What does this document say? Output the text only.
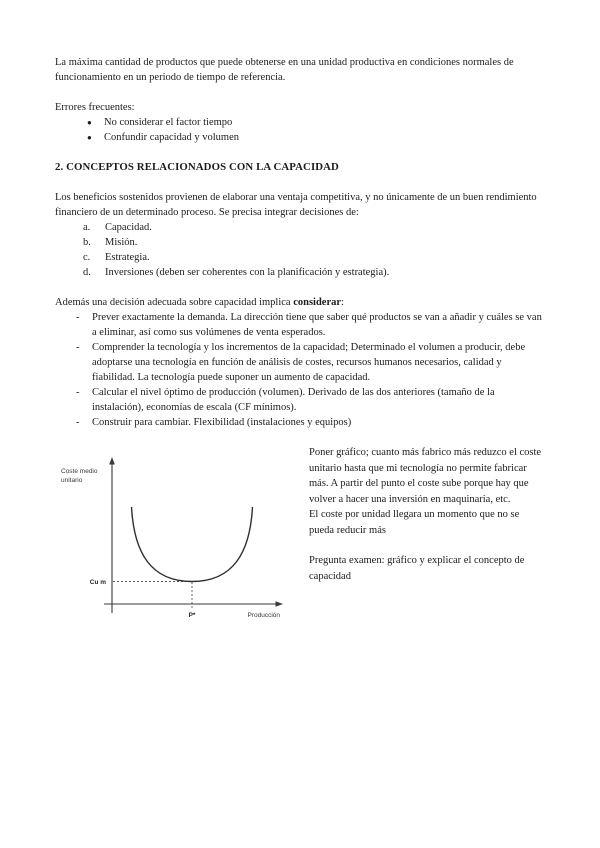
La máxima cantidad de productos que puede obtenerse en una unidad productiva en condiciones normales de funcionamiento en un periodo de tiempo de referencia.

Errores frecuentes:

●	No considerar el factor tiempo
●	Confundir capacidad y volumen
2. CONCEPTOS RELACIONADOS CON LA CAPACIDAD

Los beneficios sostenidos provienen de elaborar una ventaja competitiva, y no únicamente de un buen rendimiento financiero de un determinado proceso. Se precisa integrar decisiones de:

a.	Capacidad.
b.	Misión.
c.	Estrategia.
d.	Inversiones (deben ser coherentes con la planificación y estrategia).

Además una decisión adecuada sobre capacidad implica considerar:

-	Prever exactamente la demanda. La dirección tiene que saber qué productos se van a añadir y cuáles se van a eliminar, así como sus volúmenes de venta esperados.
-	Comprender la tecnología y los incrementos de la capacidad; Determinado el volumen a producir, debe adoptarse una tecnología en función de análisis de costes, recursos humanos necesarios, calidad y fiabilidad. La tecnología puede suponer un aumento de capacidad.
-	Calcular el nivel óptimo de producción (volumen). Derivado de las dos anteriores (tamaño de la instalación), economías de escala (CF mínimos).
-	Construir para cambiar. Flexibilidad (instalaciones y equipos)
Coste medio
unitario
Cu m
P*	Producción

Poner gráfico; cuanto más fabrico más reduzco el coste unitario hasta que mi tecnología no permite fabricar más. A partir del punto el coste sube porque hay que volver a hacer una inversión en maquinaria, etc.

El coste por unidad llegara un momento que no se pueda reducir más

Pregunta examen: gráfico y explicar el concepto de capacidad
